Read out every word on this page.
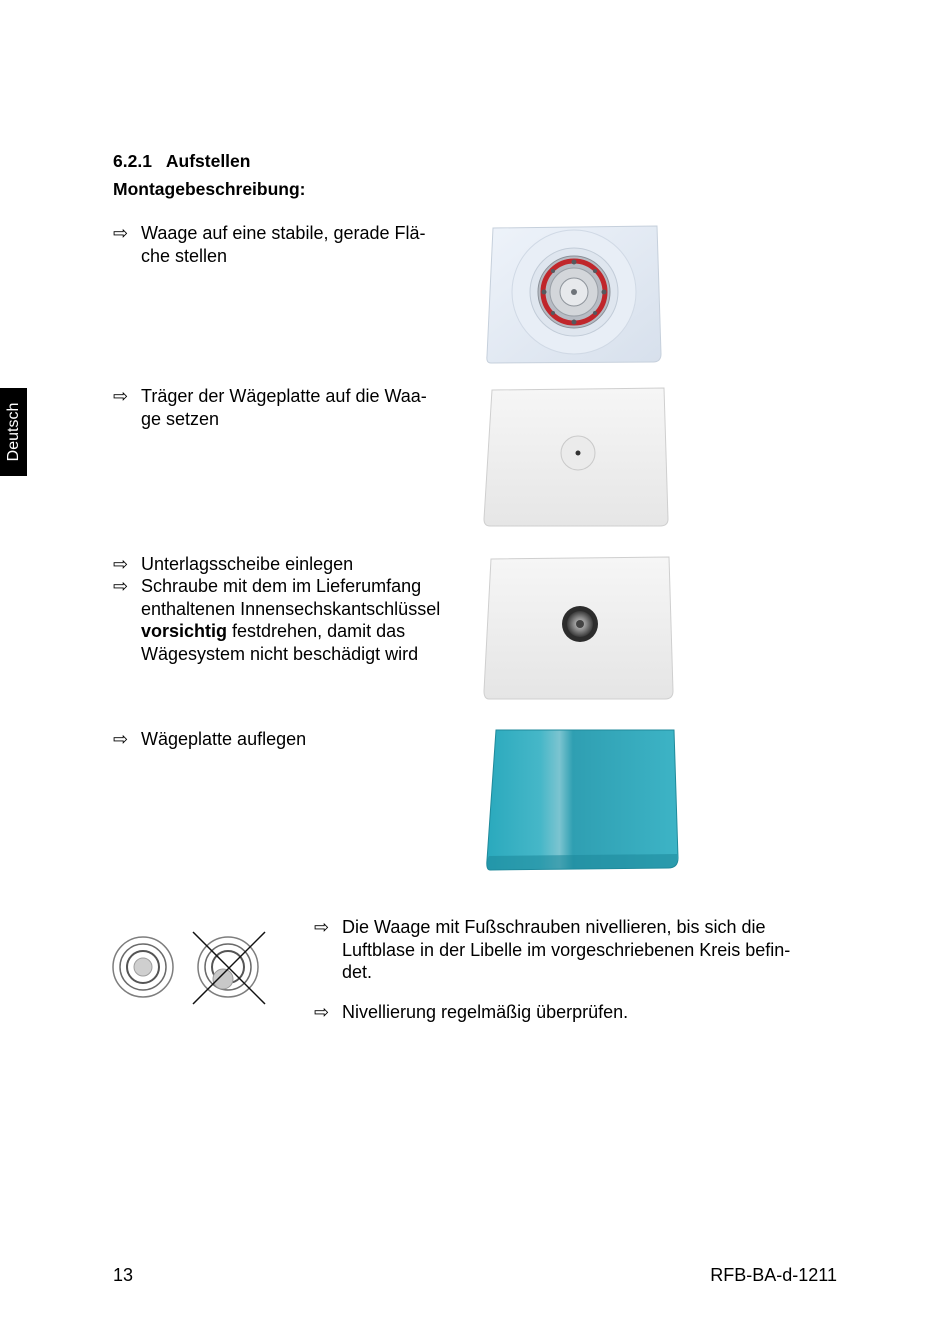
Deutsch
6.2.1 Aufstellen
Montagebeschreibung:
⇨ Waage auf eine stabile, gerade Flä-
che stellen
⇨ Träger der Wägeplatte auf die Waa-
ge setzen
⇨ Unterlagsscheibe einlegen
⇨ Schraube mit dem im Lieferumfang
enthaltenen Innensechskantschlüssel
vorsichtig festdrehen, damit das
Wägesystem nicht beschädigt wird
⇨ Wägeplatte auflegen
⇨ Die Waage mit Fußschrauben nivellieren, bis sich die
Luftblase in der Libelle im vorgeschriebenen Kreis befin-
det.
⇨ Nivellierung regelmäßig überprüfen.
13	RFB-BA-d-1211
